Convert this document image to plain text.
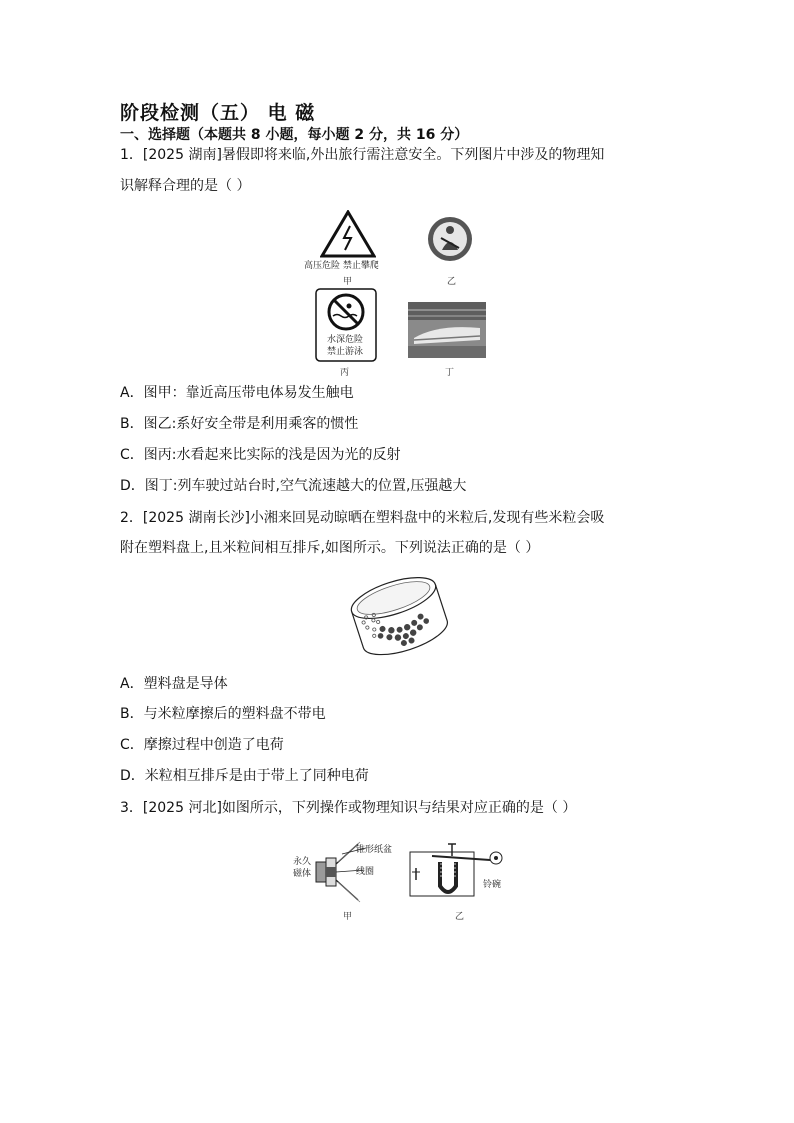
阶段检测（五） 电 磁
一、选择题（本题共 8 小题，每小题 2 分，共 16 分）
1．[2025 湖南]暑假即将来临,外出旅行需注意安全。下列图片中涉及的物理知
识解释合理的是（ ）
高压危险 禁止攀爬
甲	乙
水深危险
禁止游泳
丙	丁
A．图甲：靠近高压带电体易发生触电
B．图乙:系好安全带是利用乘客的惯性
C．图丙:水看起来比实际的浅是因为光的反射
D．图丁:列车驶过站台时,空气流速越大的位置,压强越大
2．[2025 湖南长沙]小湘来回晃动晾晒在塑料盘中的米粒后,发现有些米粒会吸
附在塑料盘上,且米粒间相互排斥,如图所示。下列说法正确的是（ ）
A．塑料盘是导体
B．与米粒摩擦后的塑料盘不带电
C．摩擦过程中创造了电荷
D．米粒相互排斥是由于带上了同种电荷
3．[2025 河北]如图所示，下列操作或物理知识与结果对应正确的是（ ）
永久
磁体
锥形纸盆
线圈
甲
铃碗
乙
